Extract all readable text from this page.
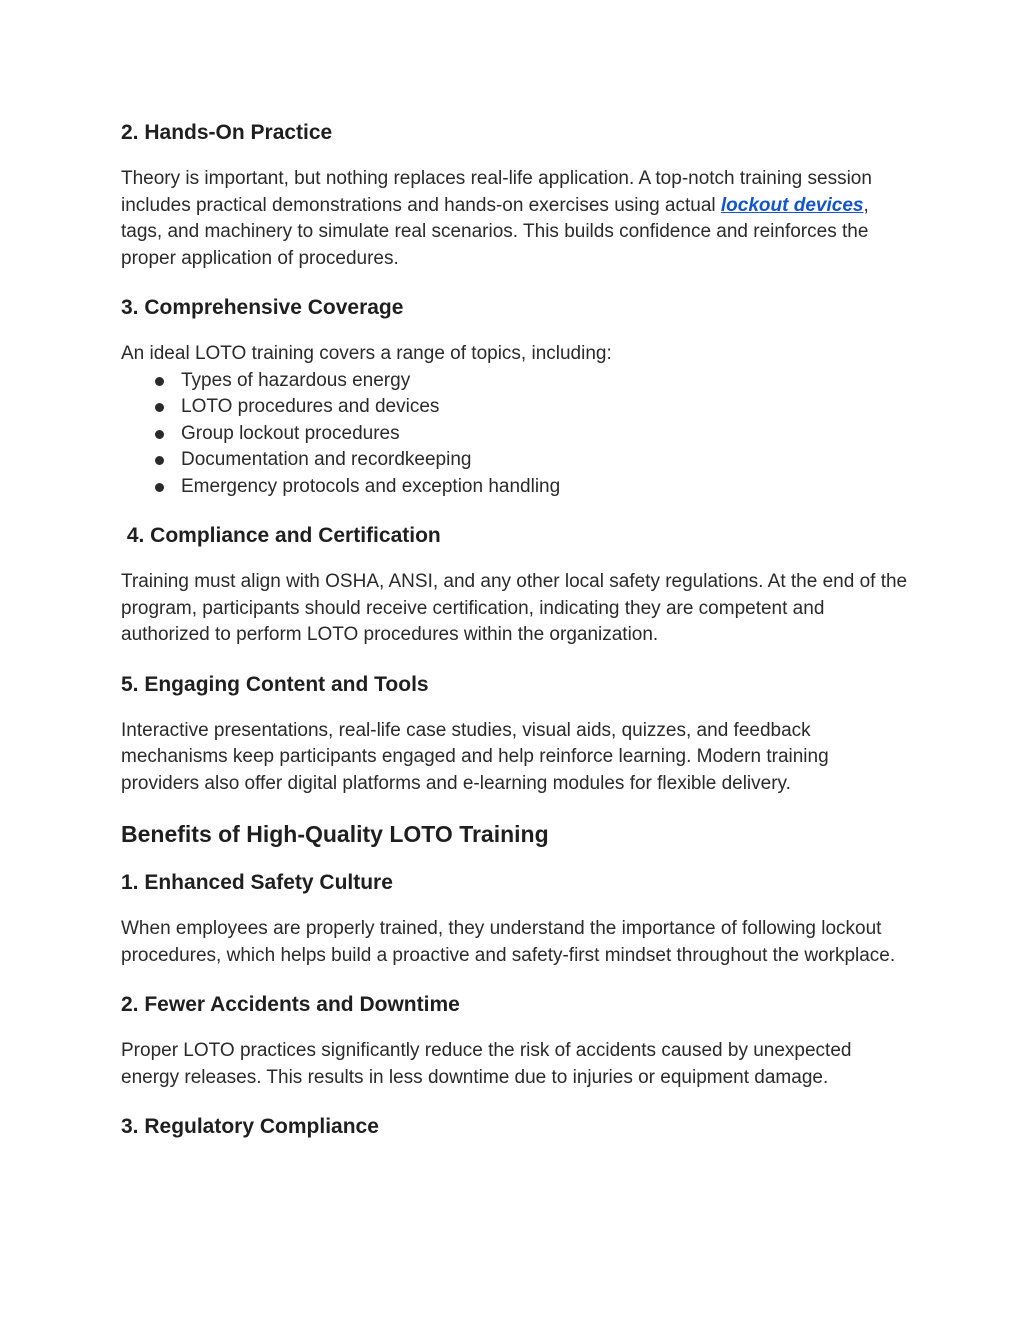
2. Hands-On Practice

Theory is important, but nothing replaces real-life application. A top-notch training session includes practical demonstrations and hands-on exercises using actual lockout devices, tags, and machinery to simulate real scenarios. This builds confidence and reinforces the proper application of procedures.

3. Comprehensive Coverage

An ideal LOTO training covers a range of topics, including:

Types of hazardous energy
LOTO procedures and devices
Group lockout procedures
Documentation and recordkeeping
Emergency protocols and exception handling
4. Compliance and Certification

Training must align with OSHA, ANSI, and any other local safety regulations. At the end of the program, participants should receive certification, indicating they are competent and authorized to perform LOTO procedures within the organization.

5. Engaging Content and Tools

Interactive presentations, real-life case studies, visual aids, quizzes, and feedback mechanisms keep participants engaged and help reinforce learning. Modern training providers also offer digital platforms and e-learning modules for flexible delivery.

Benefits of High-Quality LOTO Training
1. Enhanced Safety Culture

When employees are properly trained, they understand the importance of following lockout procedures, which helps build a proactive and safety-first mindset throughout the workplace.

2. Fewer Accidents and Downtime

Proper LOTO practices significantly reduce the risk of accidents caused by unexpected energy releases. This results in less downtime due to injuries or equipment damage.

3. Regulatory Compliance
